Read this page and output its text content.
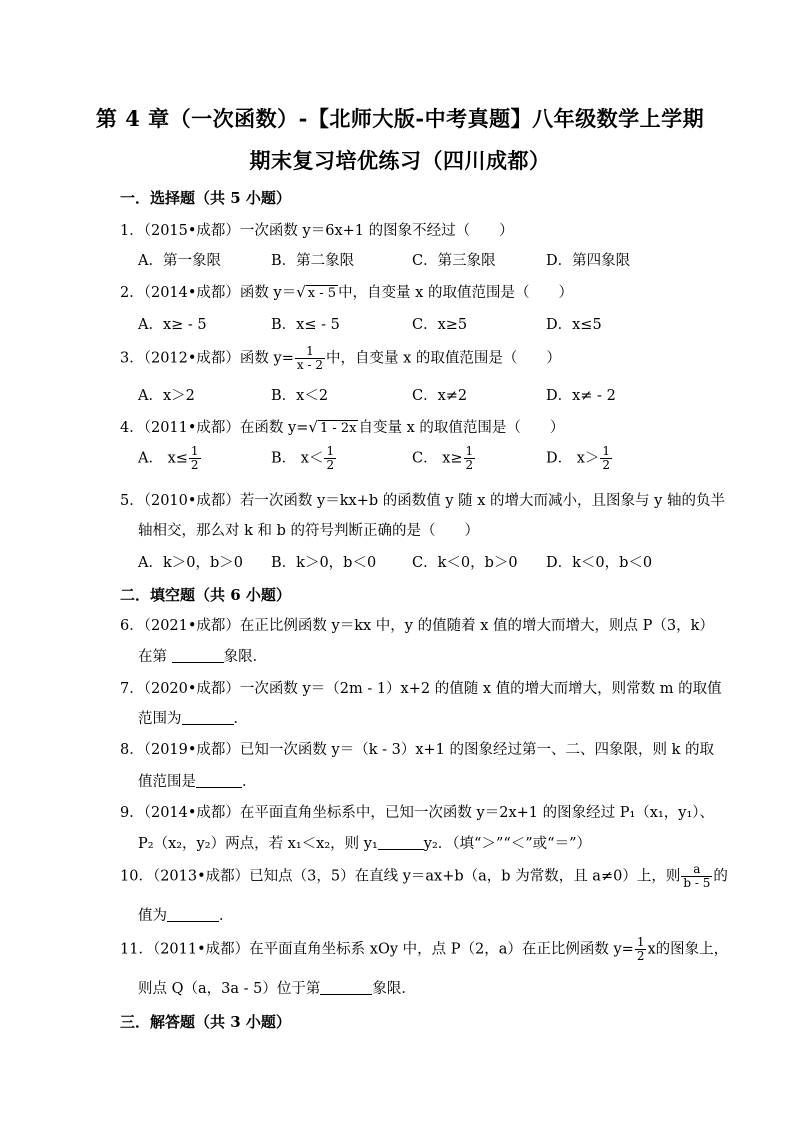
第 4 章（一次函数）-【北师大版-中考真题】八年级数学上学期
期末复习培优练习（四川成都）
一．选择题（共 5 小题）
1．（2015•成都）一次函数 y＝6x+1 的图象不经过（　　）
A．第一象限	B．第二象限	C．第三象限	D．第四象限
2．（2014•成都）函数 y＝√ x - 5 中，自变量 x 的取值范围是（　　）
A．x≥ - 5	B．x≤ - 5	C．x≥5	D．x≤5
3．（2012•成都）函数 $y= \frac{1}{x - 2}$ 中，自变量 x 的取值范围是（　　）
A．x＞2	B．x＜2	C．x≠2	D．x≠ - 2
4．（2011•成都）在函数 y=√ 1 - 2x 自变量 x 的取值范围是（　　）
A． $x\le \frac{1}{2}$	B． $x< \frac{1}{2}$	C． $x\ge \frac{1}{2}$	D． $x> \frac{1}{2}$
5．（2010•成都）若一次函数 y＝kx+b 的函数值 y 随 x 的增大而减小，且图象与 y 轴的负半
轴相交，那么对 k 和 b 的符号判断正确的是（　　）
A．k＞0，b＞0 B．k＞0，b＜0 C．k＜0，b＞0 D．k＜0，b＜0
二．填空题（共 6 小题）
6．（2021•成都）在正比例函数 y＝kx 中，y 的值随着 x 值的增大而增大，则点 P（3，k）
在第	象限．
7．（2020•成都）一次函数 y＝（2m - 1）x+2 的值随 x 值的增大而增大，则常数 m 的取值
范围为	．
8．（2019•成都）已知一次函数 y＝（k - 3）x+1 的图象经过第一、二、四象限，则 k 的取
值范围是	．
9．（2014•成都）在平面直角坐标系中，已知一次函数 y＝2x+1 的图象经过 P₁（x₁，y₁）、
P₂（x₂，y₂）两点，若 x₁＜x₂，则 y₁	y₂．（填“＞”“＜”或“＝”）
10．（2013•成都）已知点（3，5）在直线 y＝ax+b（a，b 为常数，且 a≠0）上，则 $\frac{a}{b - 5}$ 的
值为	．
11．（2011•成都）在平面直角坐标系 xOy 中，点 P（2，a）在正比例函数 $y= \frac{1}{2}$ x的图象上，
则点 Q（a，3a - 5）位于第	象限．
三．解答题（共 3 小题）
